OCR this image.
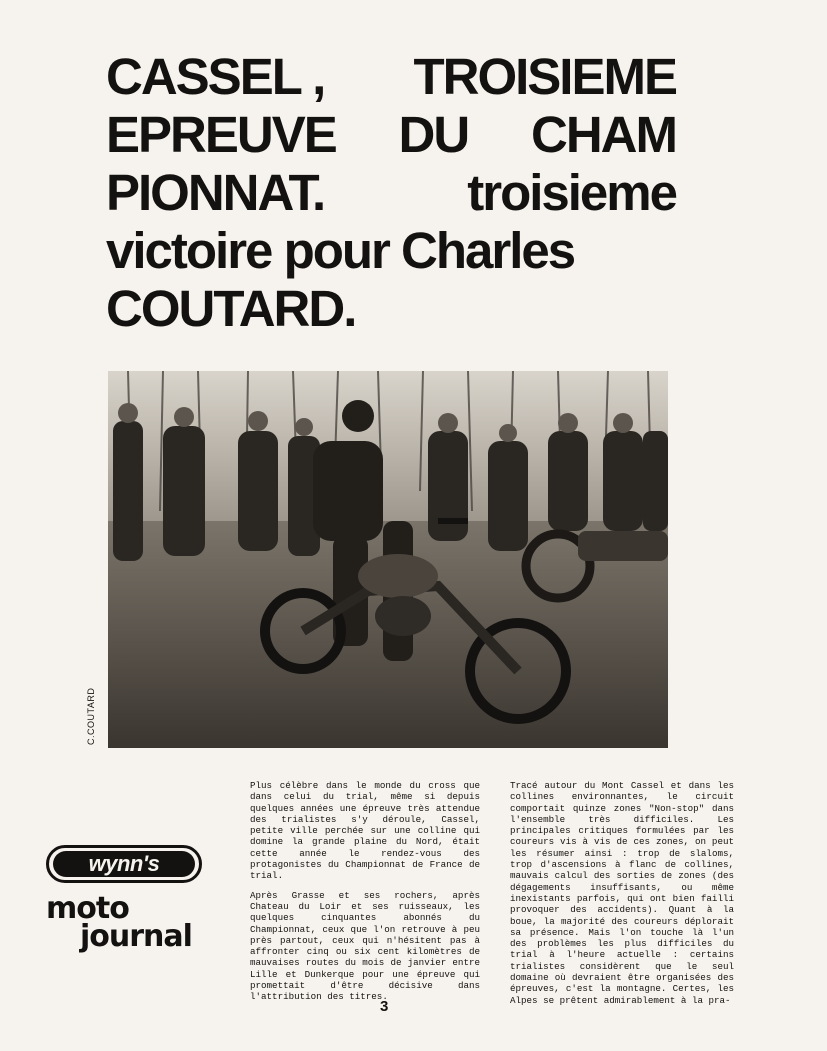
CASSEL , TROISIEME
EPREUVE DU CHAM
PIONNAT.	troisieme
victoire pour Charles
COUTARD.
C.COUTARD

Plus célèbre dans le monde du cross que dans celui du trial, même si depuis quelques années une épreuve très attendue des trialistes s'y déroule, Cassel, petite ville perchée sur une colline qui domine la grande plaine du Nord, était cette année le rendez-vous des protagonistes du Championnat de France de trial.

Après Grasse et ses rochers, après Chateau du Loir et ses ruisseaux, les quelques cinquantes abonnés du Championnat, ceux que l'on retrouve à peu près partout, ceux qui n'hésitent pas à affronter cinq ou six cent kilomètres de mauvaises routes du mois de janvier entre Lille et Dunkerque pour une épreuve qui promettait d'être décisive dans l'attribution des titres.

Tracé autour du Mont Cassel et dans les collines environnantes, le circuit comportait quinze zones "Non-stop" dans l'ensemble très difficiles. Les principales critiques formulées par les coureurs vis à vis de ces zones, on peut les résumer ainsi : trop de slaloms, trop d'ascensions à flanc de collines, mauvais calcul des sorties de zones (des dégagements insuffisants, ou même inexistants parfois, qui ont bien failli provoquer des accidents). Quant à la boue, la majorité des coureurs déplorait sa présence. Mais l'on touche là l'un des problèmes les plus difficiles du trial à l'heure actuelle : certains trialistes considèrent que le seul domaine où devraient être organisées des épreuves, c'est la montagne. Certes, les Alpes se prêtent admirablement à la pra-

wynn's
moto
journal
3
